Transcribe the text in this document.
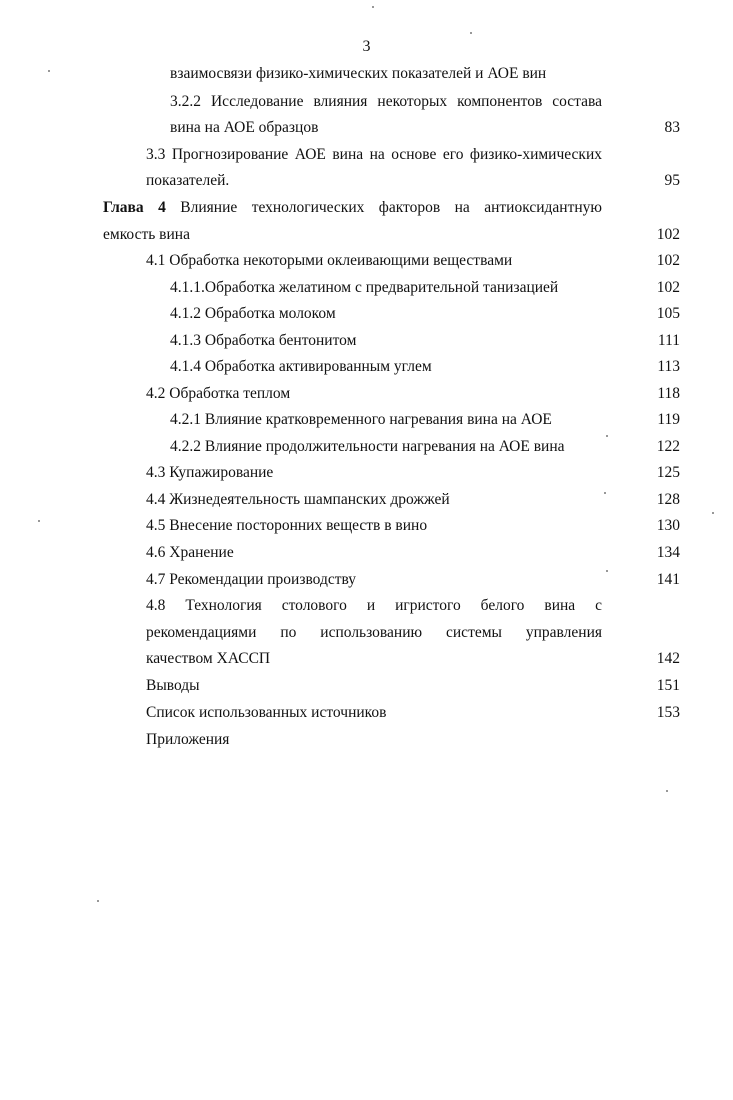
3
взаимосвязи физико-химических показателей и АОЕ вин
3.2.2 Исследование влияния некоторых компонентов состава
вина на АОЕ образцов	83
3.3 Прогнозирование АОЕ вина на основе его физико-химических
показателей.	95
Глава 4 Влияние технологических факторов на антиоксидантную
емкость вина	102
4.1 Обработка некоторыми оклеивающими веществами	102
4.1.1.Обработка желатином с предварительной танизацией	102
4.1.2 Обработка молоком	105
4.1.3 Обработка бентонитом	111
4.1.4 Обработка активированным углем	113
4.2 Обработка теплом	118
4.2.1 Влияние кратковременного нагревания вина на АОЕ	119
4.2.2 Влияние продолжительности нагревания на АОЕ вина	122
4.3 Купажирование	125
4.4 Жизнедеятельность шампанских дрожжей	128
4.5 Внесение посторонних веществ в вино	130
4.6 Хранение	134
4.7 Рекомендации производству	141
4.8 Технология столового и игристого белого вина с
рекомендациями по использованию системы управления
качеством ХАССП	142
Выводы	151
Список использованных источников	153
Приложения
